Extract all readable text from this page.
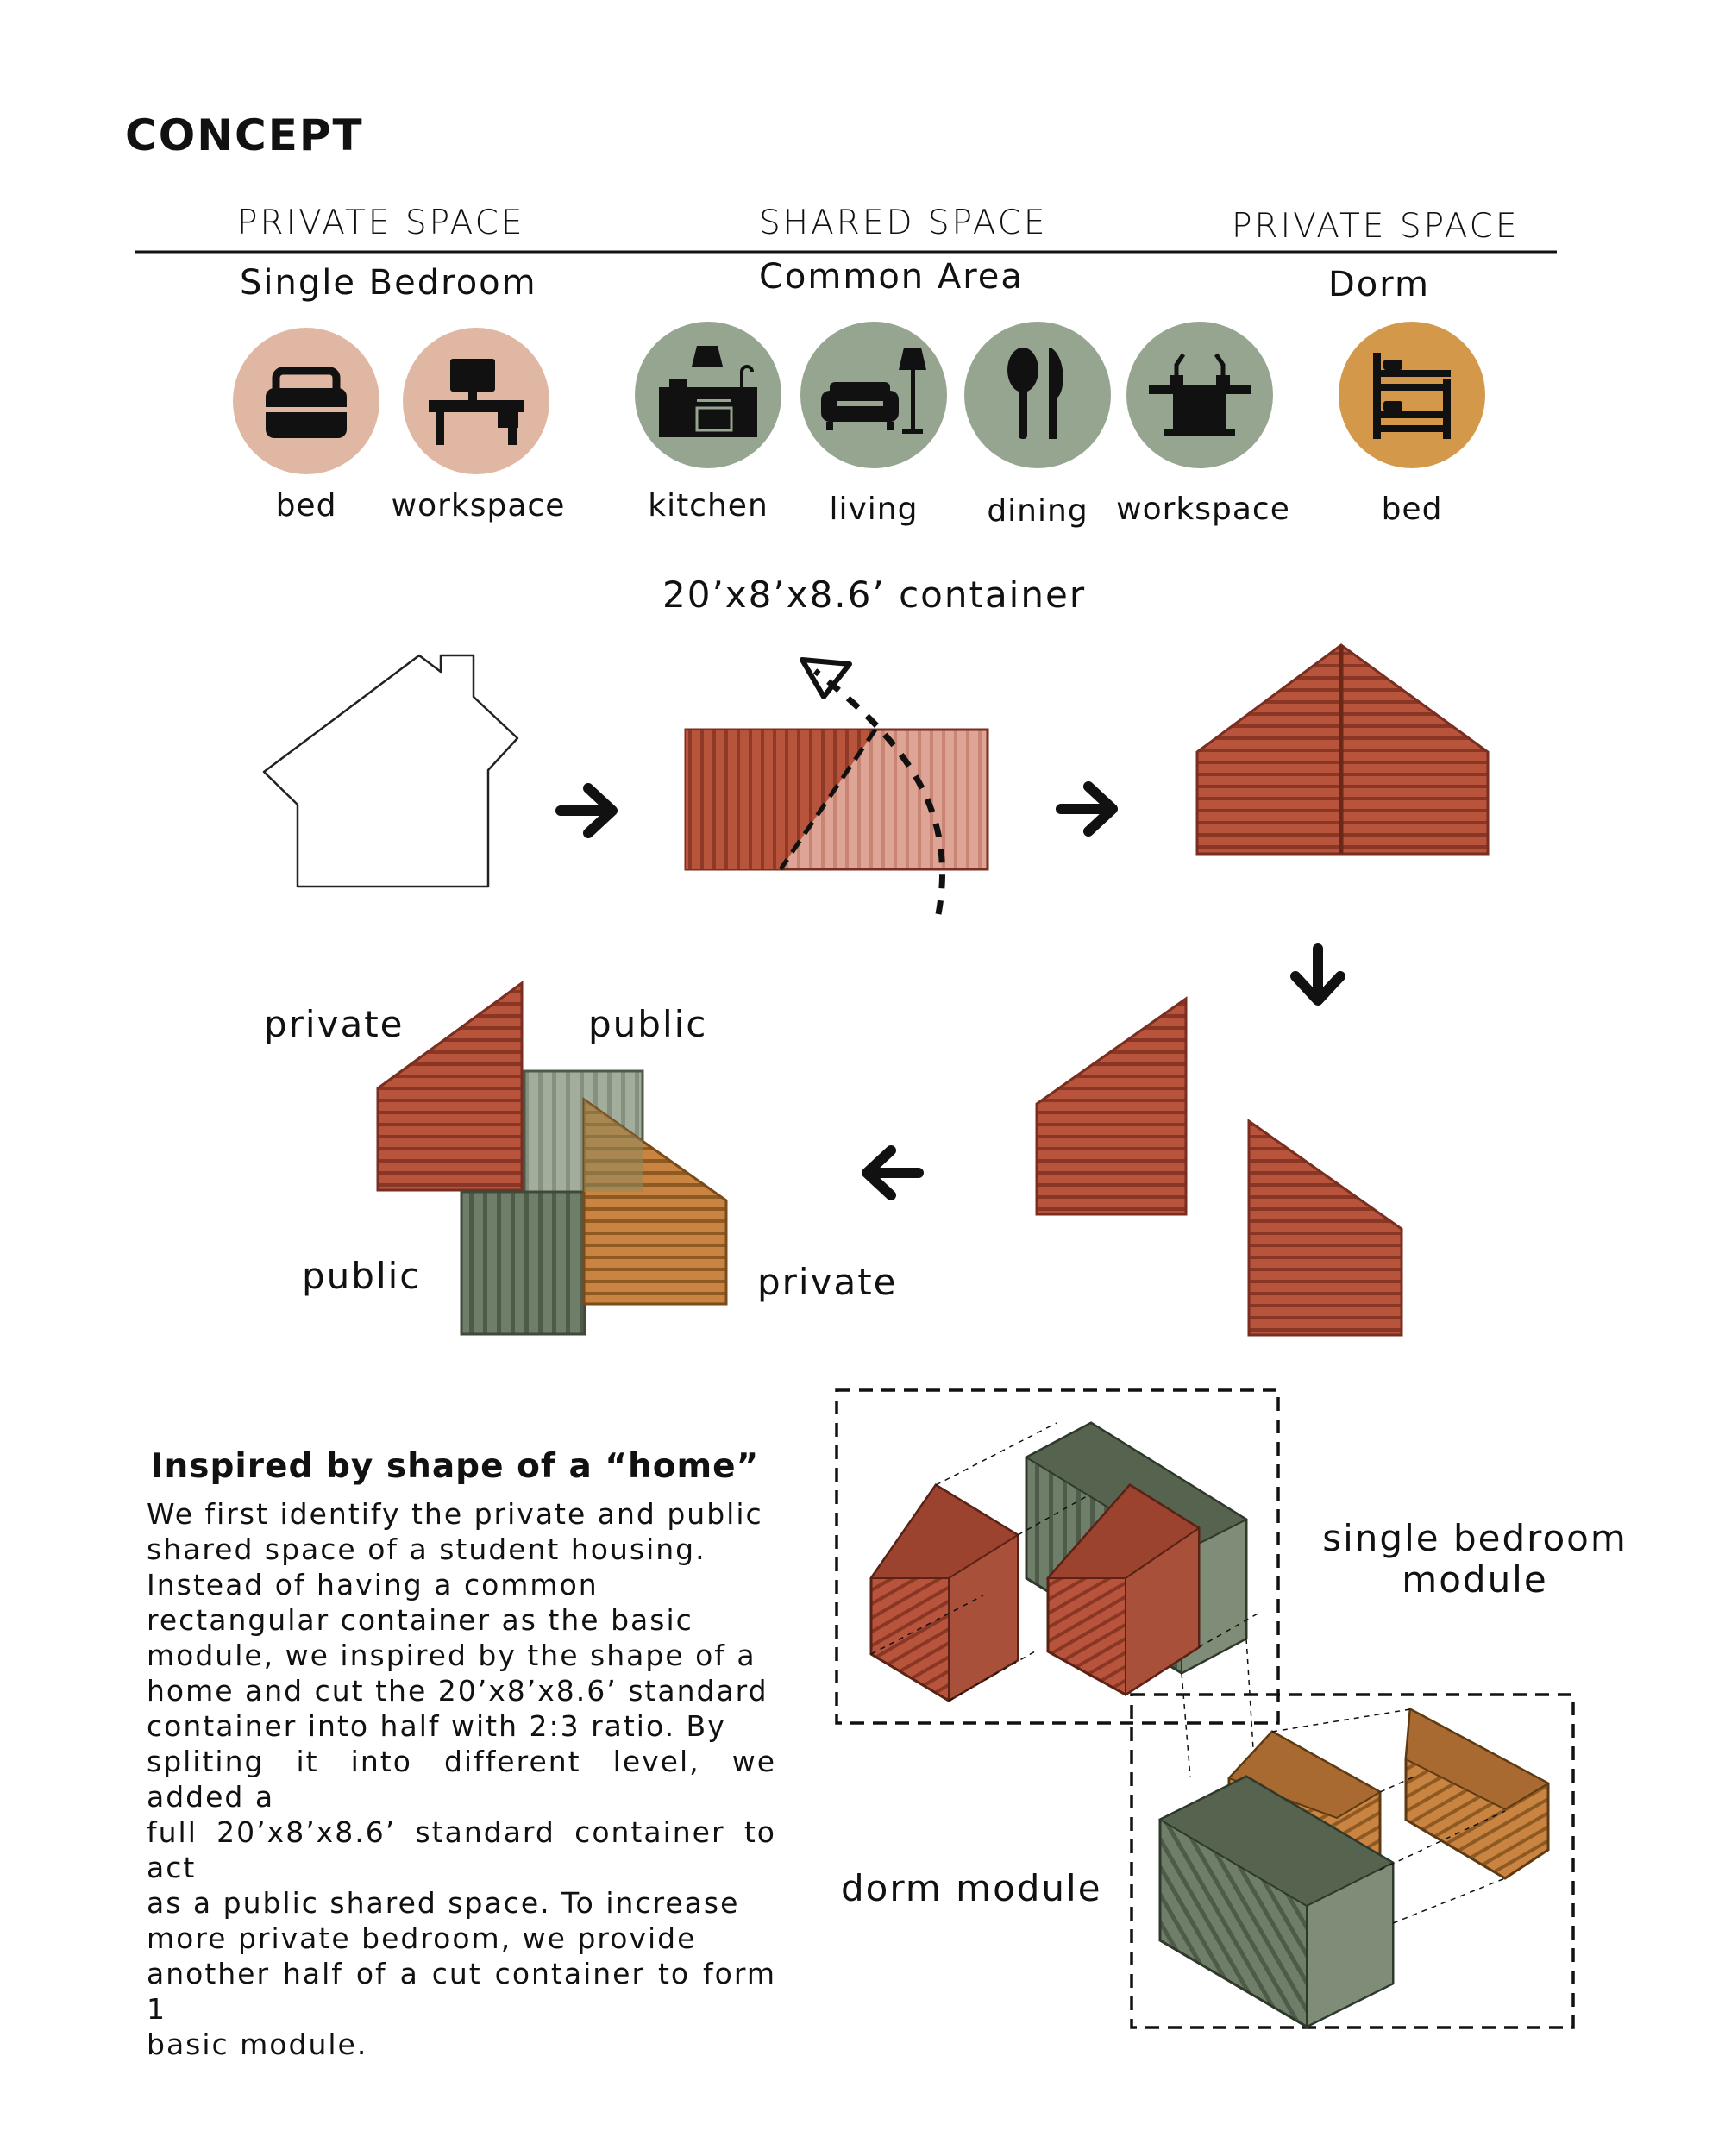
CONCEPT
PRIVATE SPACE	SHARED SPACE	PRIVATE SPACE
Single Bedroom	Common Area	Dorm
bed	workspace	kitchen	living	dining workspace	bed
20’x8’x8.6’ container
private	public
public	private
Inspired by shape of a “home”

We first identify the private and public

shared space of a student housing.

Instead of having a common

rectangular container as the basic

module, we inspired by the shape of a

home and cut the 20’x8’x8.6’ standard

container into half with 2:3 ratio. By

spliting it into different level, we added a

full 20’x8’x8.6’ standard container to act

as a public shared space. To increase

more private bedroom, we provide

another half of a cut container to form 1

basic module.

single bedroom
module
dorm module
